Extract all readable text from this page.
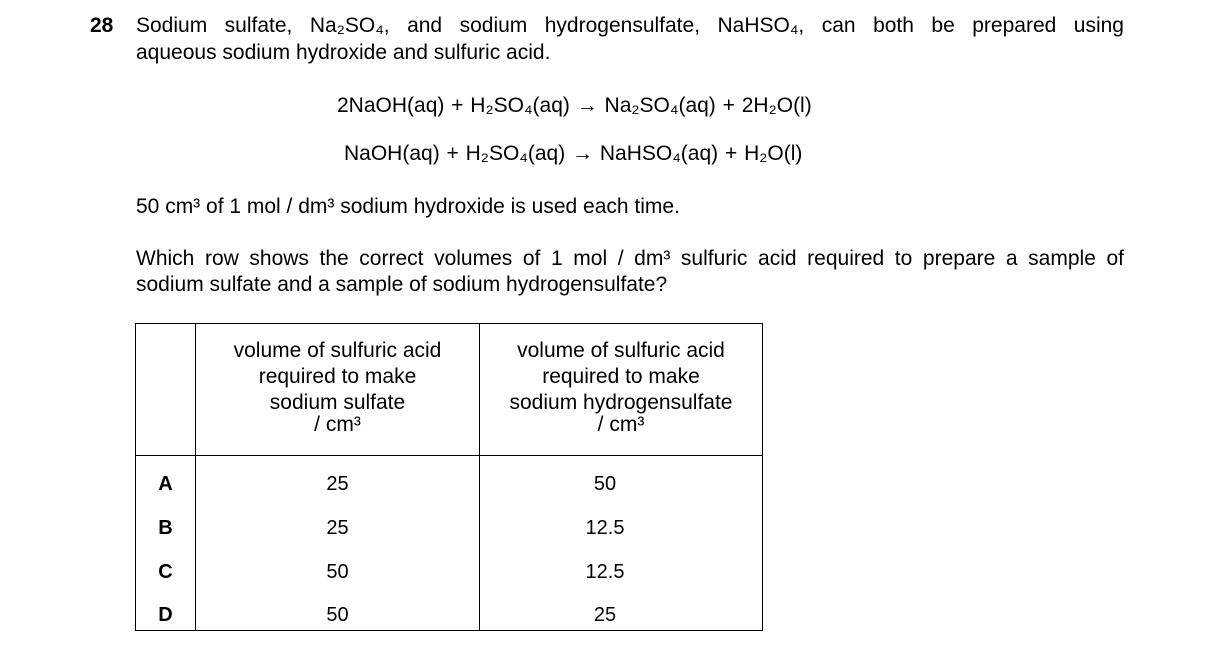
28 Sodium sulfate, Na₂SO₄, and sodium hydrogensulfate, NaHSO₄, can both be prepared using
aqueous sodium hydroxide and sulfuric acid.
2NaOH(aq) + H₂SO₄(aq) → Na₂SO₄(aq) + 2H₂O(l)
NaOH(aq) + H₂SO₄(aq) → NaHSO₄(aq) + H₂O(l)
50 cm³ of 1 mol / dm³ sodium hydroxide is used each time.
Which row shows the correct volumes of 1 mol / dm³ sulfuric acid required to prepare a sample of
sodium sulfate and a sample of sodium hydrogensulfate?
volume of sulfuric acid
required to make
sodium sulfate
/ cm³
volume of sulfuric acid
required to make
sodium hydrogensulfate
/ cm³
A	25	50
B	25	12.5
C	50	12.5
D	50	25
